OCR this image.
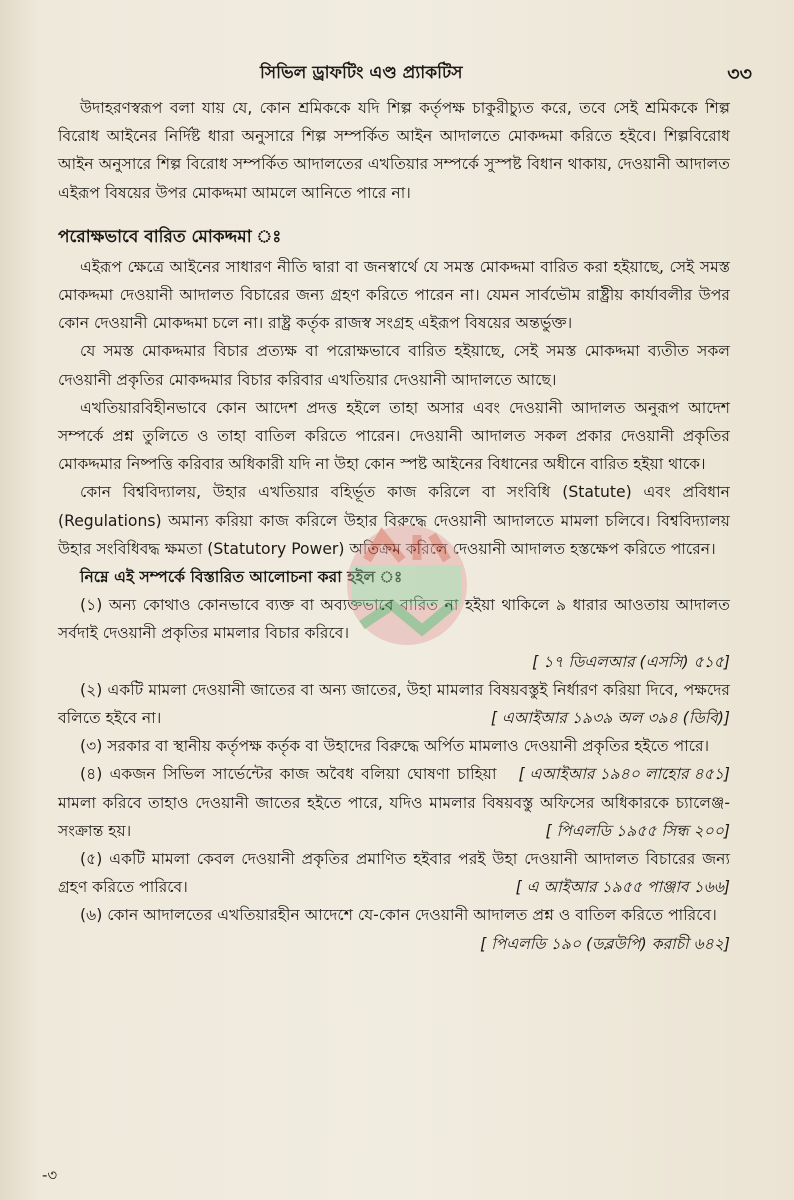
সিভিল ড্রাফটিং এণ্ড প্র্যাকটিস	৩৩

উদাহরণস্বরূপ বলা যায় যে, কোন শ্রমিককে যদি শিল্প কর্তৃপক্ষ চাকুরীচ্যুত করে, তবে সেই শ্রমিককে শিল্প বিরোধ আইনের নির্দিষ্ট ধারা অনুসারে শিল্প সম্পর্কিত আইন আদালতে মোকদ্দমা করিতে হইবে। শিল্পবিরোধ আইন অনুসারে শিল্প বিরোধ সম্পর্কিত আদালতের এখতিয়ার সম্পর্কে সুস্পষ্ট বিধান থাকায়, দেওয়ানী আদালত এইরূপ বিষয়ের উপর মোকদ্দমা আমলে আনিতে পারে না।

পরোক্ষভাবে বারিত মোকদ্দমা ঃ

এইরূপ ক্ষেত্রে আইনের সাধারণ নীতি দ্বারা বা জনস্বার্থে যে সমস্ত মোকদ্দমা বারিত করা হইয়াছে, সেই সমস্ত মোকদ্দমা দেওয়ানী আদালত বিচারের জন্য গ্রহণ করিতে পারেন না। যেমন সার্বভৌম রাষ্ট্রীয় কার্যাবলীর উপর কোন দেওয়ানী মোকদ্দমা চলে না। রাষ্ট্র কর্তৃক রাজস্ব সংগ্রহ এইরূপ বিষয়ের অন্তর্ভুক্ত।

যে সমস্ত মোকদ্দমার বিচার প্রত্যক্ষ বা পরোক্ষভাবে বারিত হইয়াছে, সেই সমস্ত মোকদ্দমা ব্যতীত সকল দেওয়ানী প্রকৃতির মোকদ্দমার বিচার করিবার এখতিয়ার দেওয়ানী আদালতে আছে।

এখতিয়ারবিহীনভাবে কোন আদেশ প্রদত্ত হইলে তাহা অসার এবং দেওয়ানী আদালত অনুরূপ আদেশ সম্পর্কে প্রশ্ন তুলিতে ও তাহা বাতিল করিতে পারেন। দেওয়ানী আদালত সকল প্রকার দেওয়ানী প্রকৃতির মোকদ্দমার নিষ্পত্তি করিবার অধিকারী যদি না উহা কোন স্পষ্ট আইনের বিধানের অধীনে বারিত হইয়া থাকে।

কোন বিশ্ববিদ্যালয়, উহার এখতিয়ার বহির্ভূত কাজ করিলে বা সংবিধি (Statute) এবং প্রবিধান (Regulations) অমান্য করিয়া কাজ করিলে উহার বিরুদ্ধে দেওয়ানী আদালতে মামলা চলিবে। বিশ্ববিদ্যালয় উহার সংবিধিবদ্ধ ক্ষমতা (Statutory Power) অতিক্রম করিলে দেওয়ানী আদালত হস্তক্ষেপ করিতে পারেন।

নিম্নে এই সম্পর্কে বিস্তারিত আলোচনা করা হইল ঃ

(১) অন্য কোথাও কোনভাবে ব্যক্ত বা অব্যক্তভাবে বারিত না হইয়া থাকিলে ৯ ধারার আওতায় আদালত সর্বদাই দেওয়ানী প্রকৃতির মামলার বিচার করিবে।

[ ১৭ ডিএলআর (এসসি) ৫১৫]

(২) একটি মামলা দেওয়ানী জাতের বা অন্য জাতের, উহা মামলার বিষয়বস্তুই নির্ধারণ করিয়া দিবে, পক্ষদের বলিতে হইবে না।	[ এআইআর ১৯৩৯ অল ৩৯৪ (ডিবি)]

(৩) সরকার বা স্থানীয় কর্তৃপক্ষ কর্তৃক বা উহাদের বিরুদ্ধে অর্পিত মামলাও দেওয়ানী প্রকৃতির হইতে পারে।
[ এআইআর ১৯৪০ লাহোর ৪৫১]

(৪) একজন সিভিল সার্ভেন্টের কাজ অবৈধ বলিয়া ঘোষণা চাহিয়া মামলা করিবে তাহাও দেওয়ানী জাতের হইতে পারে, যদিও মামলার বিষয়বস্তু অফিসের অধিকারকে চ্যালেঞ্জ-সংক্রান্ত হয়।	[ পিএলডি ১৯৫৫ সিন্ধ ২০০]

(৫) একটি মামলা কেবল দেওয়ানী প্রকৃতির প্রমাণিত হইবার পরই উহা দেওয়ানী আদালত বিচারের জন্য গ্রহণ করিতে পারিবে।	[ এ আইআর ১৯৫৫ পাঞ্জাব ১৬৬]

(৬) কোন আদালতের এখতিয়ারহীন আদেশে যে-কোন দেওয়ানী আদালত প্রশ্ন ও বাতিল করিতে পারিবে।
[ পিএলডি ১৯০ (ডব্লউপি) করাচী ৬৪২]

-৩
